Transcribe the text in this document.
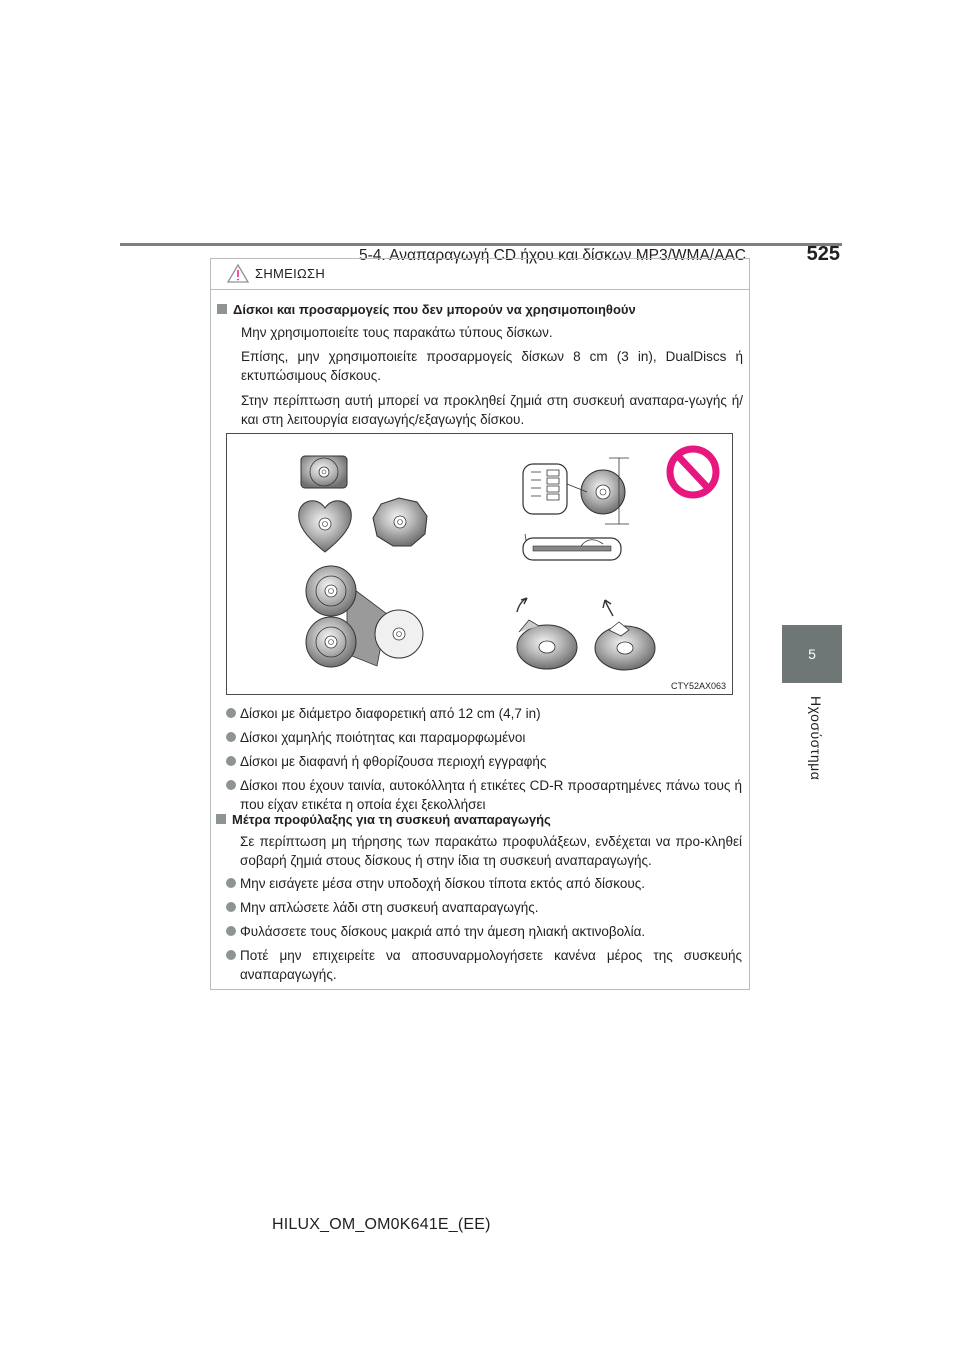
5-4. Αναπαραγωγή CD ήχου και δίσκων MP3/WMA/AAC	525
5
Ηχοσύστημα
ΣΗΜΕΙΩΣΗ
Δίσκοι και προσαρμογείς που δεν μπορούν να χρησιμοποιηθούν
Μην χρησιμοποιείτε τους παρακάτω τύπους δίσκων.
Επίσης, μην χρησιμοποιείτε προσαρμογείς δίσκων 8 cm (3 in), DualDiscs ή εκτυπώσιμους δίσκους.
Στην περίπτωση αυτή μπορεί να προκληθεί ζημιά στη συσκευή αναπαρα-γωγής ή/και στη λειτουργία εισαγωγής/εξαγωγής δίσκου.
CTY52AX063
Δίσκοι με διάμετρο διαφορετική από 12 cm (4,7 in)
Δίσκοι χαμηλής ποιότητας και παραμορφωμένοι
Δίσκοι με διαφανή ή φθορίζουσα περιοχή εγγραφής
Δίσκοι που έχουν ταινία, αυτοκόλλητα ή ετικέτες CD-R προσαρτημένες πάνω τους ή που είχαν ετικέτα η οποία έχει ξεκολλήσει
Μέτρα προφύλαξης για τη συσκευή αναπαραγωγής
Σε περίπτωση μη τήρησης των παρακάτω προφυλάξεων, ενδέχεται να προ-κληθεί σοβαρή ζημιά στους δίσκους ή στην ίδια τη συσκευή αναπαραγωγής.
Μην εισάγετε μέσα στην υποδοχή δίσκου τίποτα εκτός από δίσκους.
Μην απλώσετε λάδι στη συσκευή αναπαραγωγής.
Φυλάσσετε τους δίσκους μακριά από την άμεση ηλιακή ακτινοβολία.
Ποτέ μην επιχειρείτε να αποσυναρμολογήσετε κανένα μέρος της συσκευής αναπαραγωγής.
HILUX_OM_OM0K641E_(EE)
